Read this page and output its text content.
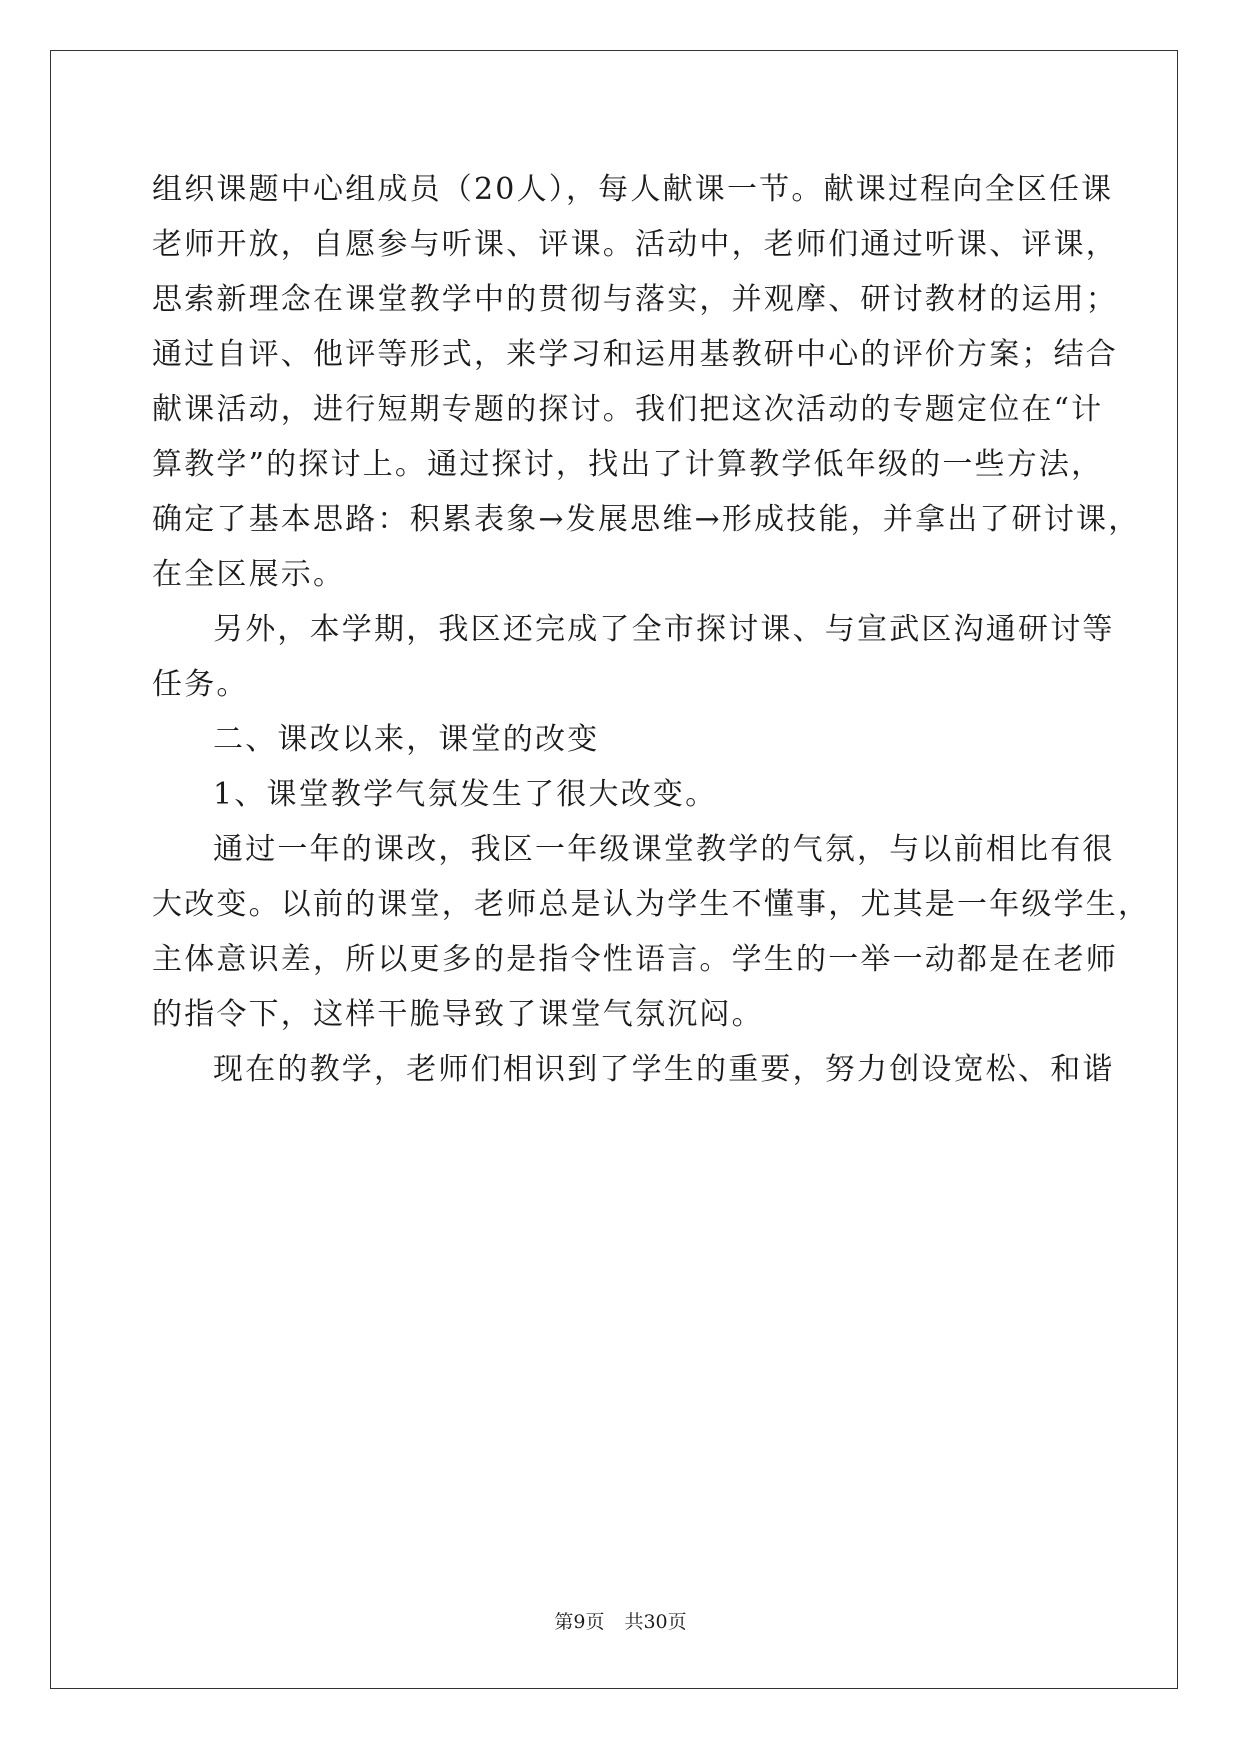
组织课题中心组成员（20人），每人献课一节。献课过程向全区任课
老师开放，自愿参与听课、评课。活动中，老师们通过听课、评课，
思索新理念在课堂教学中的贯彻与落实，并观摩、研讨教材的运用；
通过自评、他评等形式，来学习和运用基教研中心的评价方案；结合
献课活动，进行短期专题的探讨。我们把这次活动的专题定位在“计
算教学”的探讨上。通过探讨，找出了计算教学低年级的一些方法，
确定了基本思路：积累表象→发展思维→形成技能，并拿出了研讨课，
在全区展示。
另外，本学期，我区还完成了全市探讨课、与宣武区沟通研讨等
任务。
二、课改以来，课堂的改变
1、课堂教学气氛发生了很大改变。
通过一年的课改，我区一年级课堂教学的气氛，与以前相比有很
大改变。以前的课堂，老师总是认为学生不懂事，尤其是一年级学生，
主体意识差，所以更多的是指令性语言。学生的一举一动都是在老师
的指令下，这样干脆导致了课堂气氛沉闷。
现在的教学，老师们相识到了学生的重要，努力创设宽松、和谐
第9页 共30页
